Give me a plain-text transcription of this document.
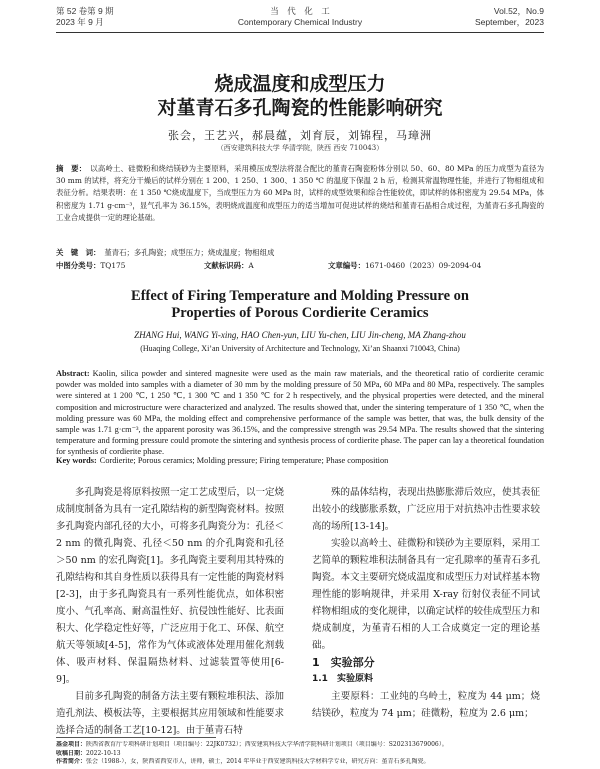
第 52 卷第 9 期
2023 年 9 月
当　代　化　工
Contemporary Chemical Industry
Vol.52，No.9
September，2023
烧成温度和成型压力
对堇青石多孔陶瓷的性能影响研究
张会，王艺兴，郝晨蕴，刘育辰，刘锦程，马璋洲
（西安建筑科技大学 华清学院，陕西 西安 710043）
摘　要： 以高岭土、硅微粉和烧结镁砂为主要原料，采用模压成型法将混合配比的堇青石陶瓷粉体分别以 50、60、80 MPa 的压力成型为直径为 30 mm 的试样，将充分干燥后的试样分别在 1 200、1 250、1 300、1 350 ℃ 的温度下保温 2 h 后，检测其常温物理性能，并进行了物相组成和表征分析。结果表明：在 1 350 ℃烧成温度下，当成型压力为 60 MPa 时，试样的成型效果和综合性能较优，即试样的体积密度为 29.54 MPa，体积密度为 1.71 g·cm⁻³，显气孔率为 36.15%，表明烧成温度和成型压力的适当增加可促进试样的烧结和堇青石晶相合成过程，为堇青石多孔陶瓷的工业合成提供一定的理论基础。
关　键　词： 堇青石；多孔陶瓷；成型压力；烧成温度；物相组成
中图分类号：TQ175	文献标识码：A	文章编号：1671-0460（2023）09-2094-04
Effect of Firing Temperature and Molding Pressure on
Properties of Porous Cordierite Ceramics
ZHANG Hui, WANG Yi-xing, HAO Chen-yun, LIU Yu-chen, LIU Jin-cheng, MA Zhang-zhou
(Huaqing College, Xi’an University of Architecture and Technology, Xi’an Shaanxi 710043, China)
Abstract: Kaolin, silica powder and sintered magnesite were used as the main raw materials, and the theoretical ratio of cordierite ceramic powder was molded into samples with a diameter of 30 mm by the molding pressure of 50 MPa, 60 MPa and 80 MPa, respectively. The samples were sintered at 1 200 ℃, 1 250 ℃, 1 300 ℃ and 1 350 ℃ for 2 h respectively, and the physical properties were detected, and the mineral composition and microstructure were characterized and analyzed. The results showed that, under the sintering temperature of 1 350 ℃, when the molding pressure was 60 MPa, the molding effect and comprehensive performance of the sample was better, that was, the bulk density of the sample was 1.71 g·cm⁻³, the apparent porosity was 36.15%, and the compressive strength was 29.54 MPa. The results showed that the sintering temperature and forming pressure could promote the sintering and synthesis process of cordierite phase. The paper can lay a theoretical foundation for synthesis of cordierite phase.
Key words: Cordierite; Porous ceramics; Molding pressure; Firing temperature; Phase composition

多孔陶瓷是将原料按照一定工艺成型后，以一定烧成制度制备为具有一定孔隙结构的新型陶瓷材料。按照多孔陶瓷内部孔径的大小，可将多孔陶瓷分为：孔径＜2 nm 的微孔陶瓷、孔径＜50 nm 的介孔陶瓷和孔径＞50 nm 的宏孔陶瓷[1]。多孔陶瓷主要利用其特殊的孔隙结构和其自身性质以获得具有一定性能的陶瓷材料[2-3]，由于多孔陶瓷具有一系列性能优点，如体积密度小、气孔率高、耐高温性好、抗侵蚀性能好、比表面积大、化学稳定性好等，广泛应用于化工、环保、航空航天等领域[4-5]，常作为气体或液体处理用催化剂载体、吸声材料、保温隔热材料、过滤装置等使用[6-9]。

目前多孔陶瓷的制备方法主要有颗粒堆积法、添加造孔剂法、模板法等，主要根据其应用领域和性能要求选择合适的制备工艺[10-12]。由于堇青石特

殊的晶体结构，表现出热膨胀滞后效应，使其表征出较小的线膨胀系数，广泛应用于对抗热冲击性要求较高的场所[13-14]。

实验以高岭土、硅微粉和镁砂为主要原料，采用工艺简单的颗粒堆积法制备具有一定孔隙率的堇青石多孔陶瓷。本文主要研究烧成温度和成型压力对试样基本物理性能的影响规律，并采用 X-ray 衍射仪表征不同试样物相组成的变化规律，以确定试样的较佳成型压力和烧成制度，为堇青石相的人工合成奠定一定的理论基础。

1　实验部分

1.1　实验原料

主要原料：工业纯的乌岭土，粒度为 44 μm；烧结镁砂，粒度为 74 μm；硅微粉，粒度为 2.6 μm；

基金项目：陕西省教育厅专项科研计划项目（项目编号：22JK0732）；西安建筑科技大学华清学院科研计划项目（项目编号：S202313679006）。
收稿日期：2022-10-13
作者简介：张会（1988-），女，陕西省西安市人，讲师，硕士，2014 年毕业于西安建筑科技大学材料学专业，研究方向：堇青石多孔陶瓷。
